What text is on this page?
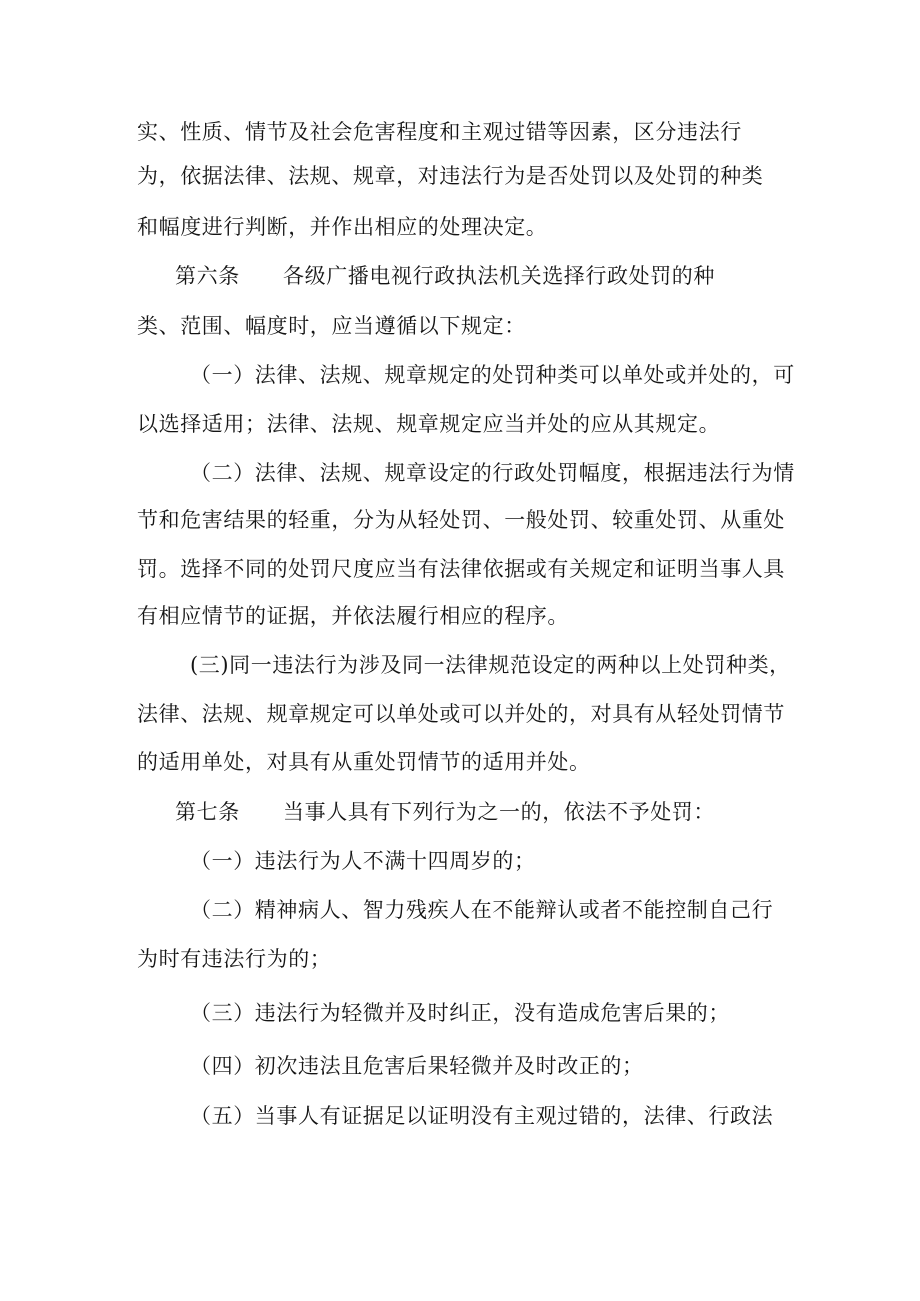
实、性质、情节及社会危害程度和主观过错等因素，区分违法行
为，依据法律、法规、规章，对违法行为是否处罚以及处罚的种类
和幅度进行判断，并作出相应的处理决定。
第六条　　各级广播电视行政执法机关选择行政处罚的种
类、范围、幅度时，应当遵循以下规定：
（一）法律、法规、规章规定的处罚种类可以单处或并处的，可
以选择适用；法律、法规、规章规定应当并处的应从其规定。
（二）法律、法规、规章设定的行政处罚幅度，根据违法行为情
节和危害结果的轻重，分为从轻处罚、一般处罚、较重处罚、从重处
罚。选择不同的处罚尺度应当有法律依据或有关规定和证明当事人具
有相应情节的证据，并依法履行相应的程序。
(三)同一违法行为涉及同一法律规范设定的两种以上处罚种类，
法律、法规、规章规定可以单处或可以并处的，对具有从轻处罚情节
的适用单处，对具有从重处罚情节的适用并处。
第七条　　当事人具有下列行为之一的，依法不予处罚：
（一）违法行为人不满十四周岁的；
（二）精神病人、智力残疾人在不能辩认或者不能控制自己行
为时有违法行为的；
（三）违法行为轻微并及时纠正，没有造成危害后果的；
（四）初次违法且危害后果轻微并及时改正的；
（五）当事人有证据足以证明没有主观过错的，法律、行政法
